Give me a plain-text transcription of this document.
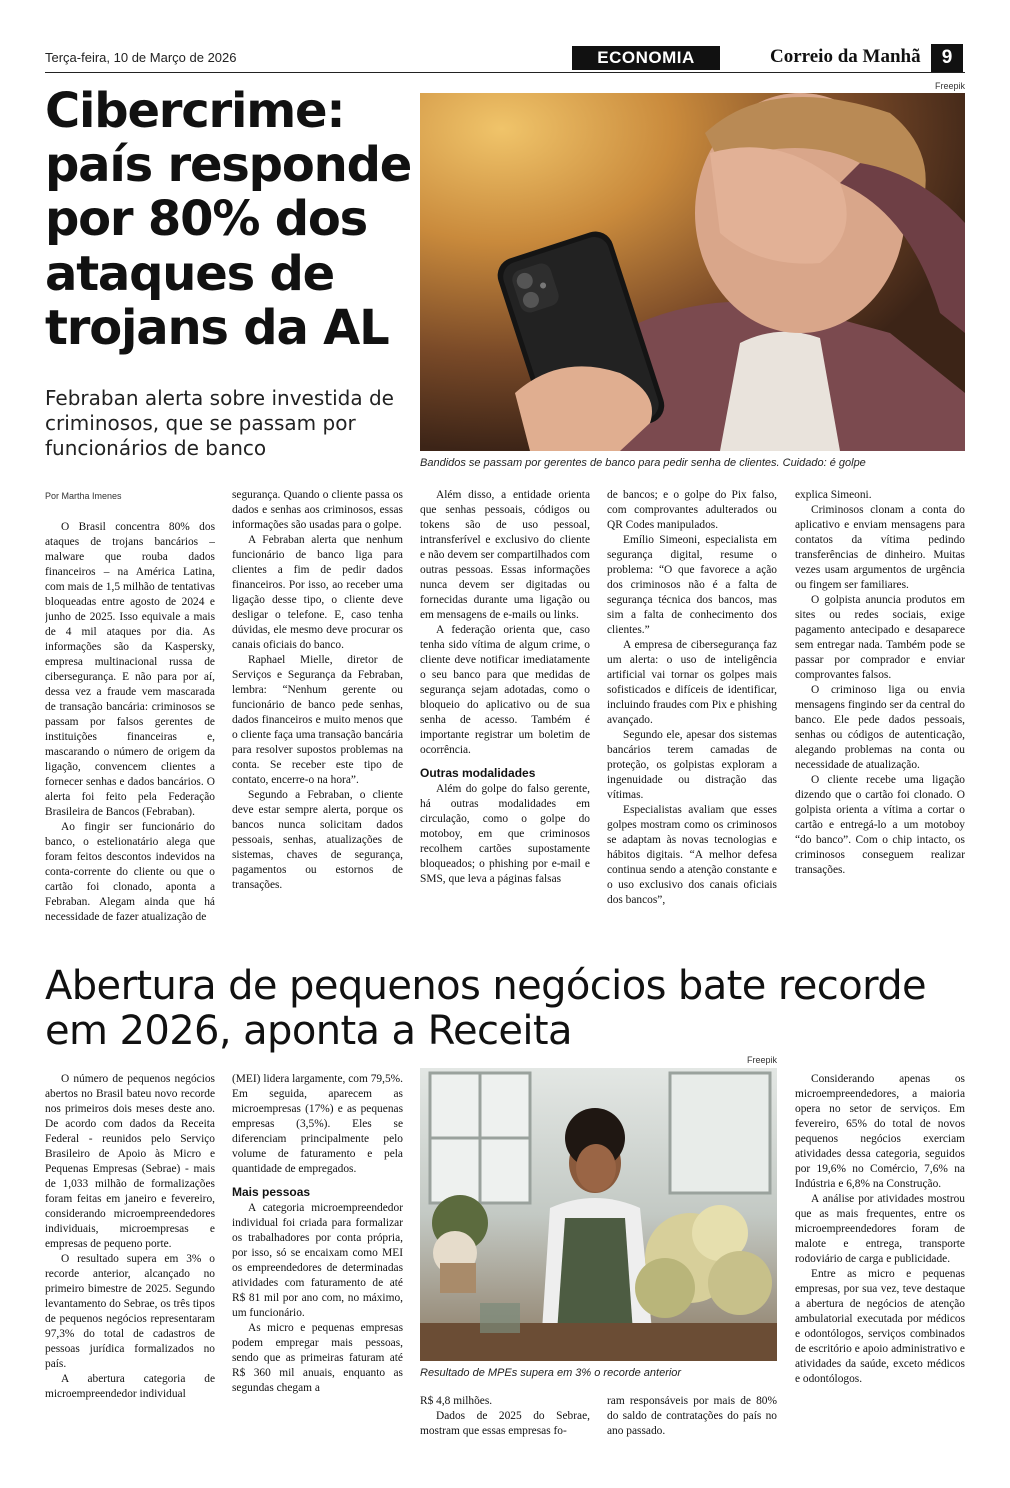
Terça-feira, 10 de Março de 2026	ECONOMIA	Correio da Manhã	9
Cibercrime: país responde por 80% dos ataques de trojans da AL
Febraban alerta sobre investida de criminosos, que se passam por funcionários de banco
Freepik
Bandidos se passam por gerentes de banco para pedir senha de clientes. Cuidado: é golpe
Por Martha Imenes

O Brasil concentra 80% dos ataques de trojans bancários – malware que rouba dados financeiros – na América Latina, com mais de 1,5 milhão de tentativas bloqueadas entre agosto de 2024 e junho de 2025. Isso equivale a mais de 4 mil ataques por dia. As informações são da Kaspersky, empresa multinacional russa de cibersegurança. E não para por aí, dessa vez a fraude vem mascarada de transação bancária: criminosos se passam por falsos gerentes de instituições financeiras e, mascarando o número de origem da ligação, convencem clientes a fornecer senhas e dados bancários. O alerta foi feito pela Federação Brasileira de Bancos (Febraban).

Ao fingir ser funcionário do banco, o estelionatário alega que foram feitos descontos indevidos na conta-corrente do cliente ou que o cartão foi clonado, aponta a Febraban. Alegam ainda que há necessidade de fazer atualização de

segurança. Quando o cliente passa os dados e senhas aos criminosos, essas informações são usadas para o golpe.

A Febraban alerta que nenhum funcionário de banco liga para clientes a fim de pedir dados financeiros. Por isso, ao receber uma ligação desse tipo, o cliente deve desligar o telefone. E, caso tenha dúvidas, ele mesmo deve procurar os canais oficiais do banco.

Raphael Mielle, diretor de Serviços e Segurança da Febraban, lembra: “Nenhum gerente ou funcionário de banco pede senhas, dados financeiros e muito menos que o cliente faça uma transação bancária para resolver supostos problemas na conta. Se receber este tipo de contato, encerre-o na hora”.

Segundo a Febraban, o cliente deve estar sempre alerta, porque os bancos nunca solicitam dados pessoais, senhas, atualizações de sistemas, chaves de segurança, pagamentos ou estornos de transações.

Além disso, a entidade orienta que senhas pessoais, códigos ou tokens são de uso pessoal, intransferível e exclusivo do cliente e não devem ser compartilhados com outras pessoas. Essas informações nunca devem ser digitadas ou fornecidas durante uma ligação ou em mensagens de e-mails ou links.

A federação orienta que, caso tenha sido vítima de algum crime, o cliente deve notificar imediatamente o seu banco para que medidas de segurança sejam adotadas, como o bloqueio do aplicativo ou de sua senha de acesso. Também é importante registrar um boletim de ocorrência.

Outras modalidades

Além do golpe do falso gerente, há outras modalidades em circulação, como o golpe do motoboy, em que criminosos recolhem cartões supostamente bloqueados; o phishing por e-mail e SMS, que leva a páginas falsas

de bancos; e o golpe do Pix falso, com comprovantes adulterados ou QR Codes manipulados.

Emílio Simeoni, especialista em segurança digital, resume o problema: “O que favorece a ação dos criminosos não é a falta de segurança técnica dos bancos, mas sim a falta de conhecimento dos clientes.”

A empresa de cibersegurança faz um alerta: o uso de inteligência artificial vai tornar os golpes mais sofisticados e difíceis de identificar, incluindo fraudes com Pix e phishing avançado.

Segundo ele, apesar dos sistemas bancários terem camadas de proteção, os golpistas exploram a ingenuidade ou distração das vítimas.

Especialistas avaliam que esses golpes mostram como os criminosos se adaptam às novas tecnologias e hábitos digitais. “A melhor defesa continua sendo a atenção constante e o uso exclusivo dos canais oficiais dos bancos”,

explica Simeoni.

Criminosos clonam a conta do aplicativo e enviam mensagens para contatos da vítima pedindo transferências de dinheiro. Muitas vezes usam argumentos de urgência ou fingem ser familiares.

O golpista anuncia produtos em sites ou redes sociais, exige pagamento antecipado e desaparece sem entregar nada. Também pode se passar por comprador e enviar comprovantes falsos.

O criminoso liga ou envia mensagens fingindo ser da central do banco. Ele pede dados pessoais, senhas ou códigos de autenticação, alegando problemas na conta ou necessidade de atualização.

O cliente recebe uma ligação dizendo que o cartão foi clonado. O golpista orienta a vítima a cortar o cartão e entregá-lo a um motoboy “do banco”. Com o chip intacto, os criminosos conseguem realizar transações.

Abertura de pequenos negócios bate recorde em 2026, aponta a Receita

O número de pequenos negócios abertos no Brasil bateu novo recorde nos primeiros dois meses deste ano. De acordo com dados da Receita Federal - reunidos pelo Serviço Brasileiro de Apoio às Micro e Pequenas Empresas (Sebrae) - mais de 1,033 milhão de formalizações foram feitas em janeiro e fevereiro, considerando microempreendedores individuais, microempresas e empresas de pequeno porte.

O resultado supera em 3% o recorde anterior, alcançado no primeiro bimestre de 2025. Segundo levantamento do Sebrae, os três tipos de pequenos negócios representaram 97,3% do total de cadastros de pessoas jurídica formalizados no país.

A abertura categoria de microempreendedor individual

(MEI) lidera largamente, com 79,5%. Em seguida, aparecem as microempresas (17%) e as pequenas empresas (3,5%). Eles se diferenciam principalmente pelo volume de faturamento e pela quantidade de empregados.

Mais pessoas

A categoria microempreendedor individual foi criada para formalizar os trabalhadores por conta própria, por isso, só se encaixam como MEI os empreendedores de determinadas atividades com faturamento de até R$ 81 mil por ano com, no máximo, um funcionário.

As micro e pequenas empresas podem empregar mais pessoas, sendo que as primeiras faturam até R$ 360 mil anuais, enquanto as segundas chegam a

Freepik
Resultado de MPEs supera em 3% o recorde anterior

R$ 4,8 milhões.

Dados de 2025 do Sebrae, mostram que essas empresas fo-

ram responsáveis por mais de 80% do saldo de contratações do país no ano passado.

Considerando apenas os microempreendedores, a maioria opera no setor de serviços. Em fevereiro, 65% do total de novos pequenos negócios exerciam atividades dessa categoria, seguidos por 19,6% no Comércio, 7,6% na Indústria e 6,8% na Construção.

A análise por atividades mostrou que as mais frequentes, entre os microempreendedores foram de malote e entrega, transporte rodoviário de carga e publicidade.

Entre as micro e pequenas empresas, por sua vez, teve destaque a abertura de negócios de atenção ambulatorial executada por médicos e odontólogos, serviços combinados de escritório e apoio administrativo e atividades da saúde, exceto médicos e odontólogos.
